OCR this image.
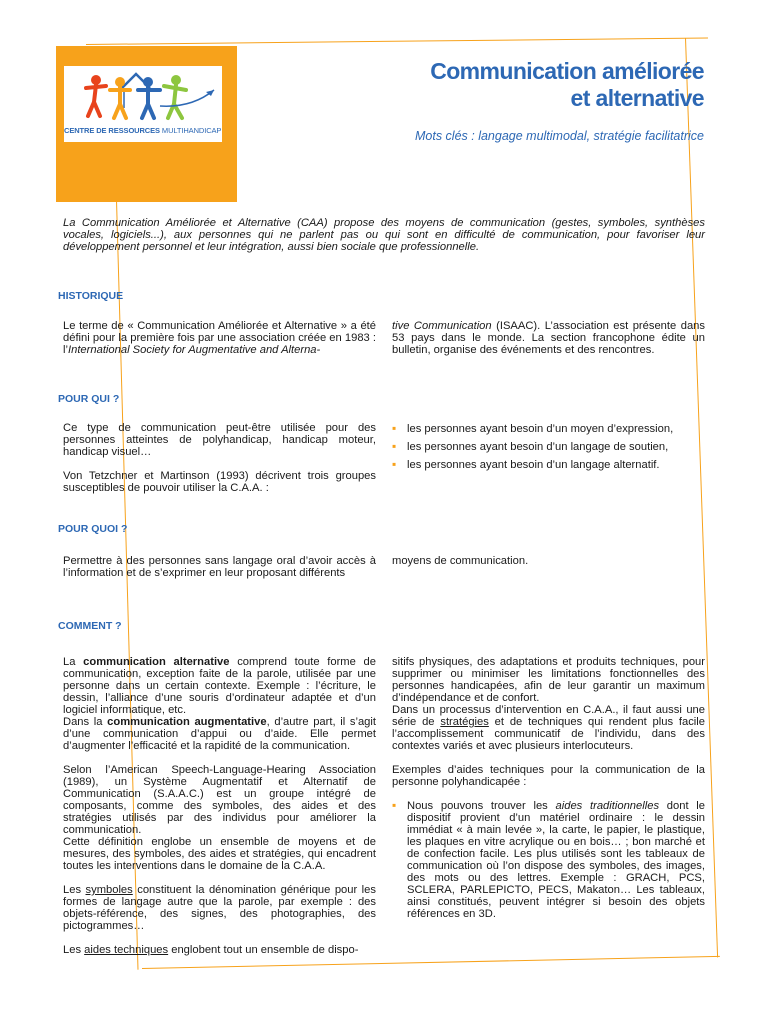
CENTRE DE RESSOURCES MULTIHANDICAP
Communication améliorée
et alternative
Mots clés : langage multimodal, stratégie facilitatrice
La Communication Améliorée et Alternative (CAA) propose des moyens de communication (gestes, symboles, synthèses vocales, logiciels...), aux personnes qui ne parlent pas ou qui sont en difficulté de communication, pour favoriser leur développement personnel et leur intégration, aussi bien sociale que professionnelle.
HISTORIQUE

Le terme de « Communication Améliorée et Alternative » a été défini pour la première fois par une association créée en 1983 : l’International Society for Augmentative and Alterna-

tive Communication (ISAAC). L’association est présente dans 53 pays dans le monde. La section francophone édite un bulletin, organise des événements et des rencontres.

POUR QUI ?

Ce type de communication peut-être utilisée pour des personnes atteintes de polyhandicap, handicap moteur, handicap visuel…

Von Tetzchner et Martinson (1993) décrivent trois groupes susceptibles de pouvoir utiliser la C.A.A. :

▪ les personnes ayant besoin d’un moyen d’expression,
▪ les personnes ayant besoin d’un langage de soutien,
▪ les personnes ayant besoin d’un langage alternatif.
POUR QUOI ?
Permettre à des personnes sans langage oral d’avoir accès à l’information et de s’exprimer en leur proposant différents
moyens de communication.
COMMENT ?

La communication alternative comprend toute forme de communication, exception faite de la parole, utilisée par une personne dans un certain contexte. Exemple : l’écriture, le dessin, l’alliance d’une souris d’ordinateur adaptée et d’un logiciel informatique, etc.

Dans la communication augmentative, d’autre part, il s’agit d’une communication d’appui ou d’aide. Elle permet d’augmenter l’efficacité et la rapidité de la communication.

Selon l’American Speech-Language-Hearing Association (1989), un Système Augmentatif et Alternatif de Communication (S.A.A.C.) est un groupe intégré de composants, comme des symboles, des aides et des stratégies utilisés par des individus pour améliorer la communication.

Cette définition englobe un ensemble de moyens et de mesures, des symboles, des aides et stratégies, qui encadrent toutes les interventions dans le domaine de la C.A.A.

Les symboles constituent la dénomination générique pour les formes de langage autre que la parole, par exemple : des objets-référence, des signes, des photographies, des pictogrammes…

Les aides techniques englobent tout un ensemble de dispo-

sitifs physiques, des adaptations et produits techniques, pour supprimer ou minimiser les limitations fonctionnelles des personnes handicapées, afin de leur garantir un maximum d’indépendance et de confort.

Dans un processus d’intervention en C.A.A., il faut aussi une série de stratégies et de techniques qui rendent plus facile l’accomplissement communicatif de l’individu, dans des contextes variés et avec plusieurs interlocuteurs.

Exemples d’aides techniques pour la communication de la personne polyhandicapée :

▪ Nous pouvons trouver les aides traditionnelles dont le dispositif provient d’un matériel ordinaire : le dessin immédiat « à main levée », la carte, le papier, le plastique, les plaques en vitre acrylique ou en bois… ; bon marché et de confection facile. Les plus utilisés sont les tableaux de communication où l’on dispose des symboles, des images, des mots ou des lettres. Exemple : GRACH, PCS, SCLERA, PARLEPICTO, PECS, Makaton… Les tableaux, ainsi constitués, peuvent intégrer si besoin des objets références en 3D.
